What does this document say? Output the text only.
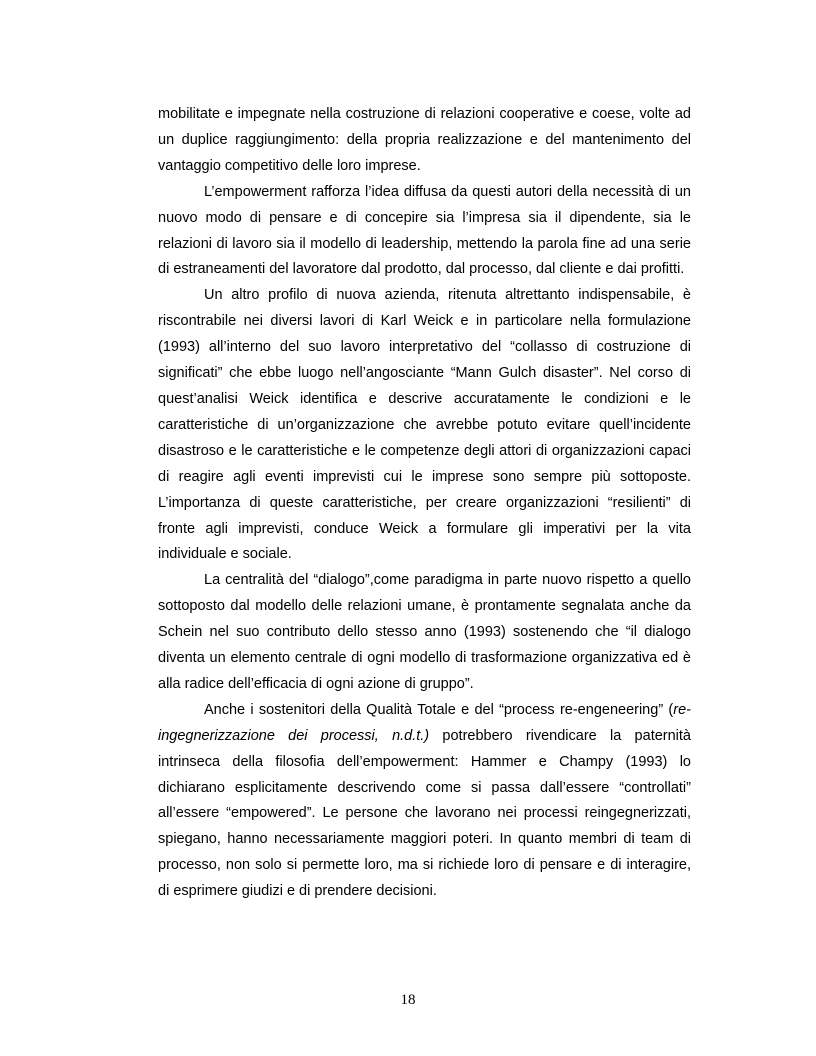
mobilitate e impegnate nella costruzione di relazioni cooperative e coese, volte ad un duplice raggiungimento: della propria realizzazione e del mantenimento del vantaggio competitivo delle loro imprese.

L’empowerment rafforza l’idea diffusa da questi autori della necessità di un nuovo modo di pensare e di concepire sia l’impresa sia il dipendente, sia le relazioni di lavoro sia il modello di leadership, mettendo la parola fine ad una serie di estraneamenti del lavoratore dal prodotto, dal processo, dal cliente e dai profitti.

Un altro profilo di nuova azienda, ritenuta altrettanto indispensabile, è riscontrabile nei diversi lavori di Karl Weick e in particolare nella formulazione (1993) all’interno del suo lavoro interpretativo del “collasso di costruzione di significati” che ebbe luogo nell’angosciante “Mann Gulch disaster”. Nel corso di quest’analisi Weick identifica e descrive accuratamente le condizioni e le caratteristiche di un’organizzazione che avrebbe potuto evitare quell’incidente disastroso e le caratteristiche e le competenze degli attori di organizzazioni capaci di reagire agli eventi imprevisti cui le imprese sono sempre più sottoposte. L’importanza di queste caratteristiche, per creare organizzazioni “resilienti” di fronte agli imprevisti, conduce Weick a formulare gli imperativi per la vita individuale e sociale.

La centralità del “dialogo”,come paradigma in parte nuovo rispetto a quello sottoposto dal modello delle relazioni umane, è prontamente segnalata anche da Schein nel suo contributo dello stesso anno (1993) sostenendo che “il dialogo diventa un elemento centrale di ogni modello di trasformazione organizzativa ed è alla radice dell’efficacia di ogni azione di gruppo”.

Anche i sostenitori della Qualità Totale e del “process re-engeneering” (re-ingegnerizzazione dei processi, n.d.t.) potrebbero rivendicare la paternità intrinseca della filosofia dell’empowerment: Hammer e Champy (1993) lo dichiarano esplicitamente descrivendo come si passa dall’essere “controllati” all’essere “empowered”. Le persone che lavorano nei processi reingegnerizzati, spiegano, hanno necessariamente maggiori poteri. In quanto membri di team di processo, non solo si permette loro, ma si richiede loro di pensare e di interagire, di esprimere giudizi e di prendere decisioni.

18
